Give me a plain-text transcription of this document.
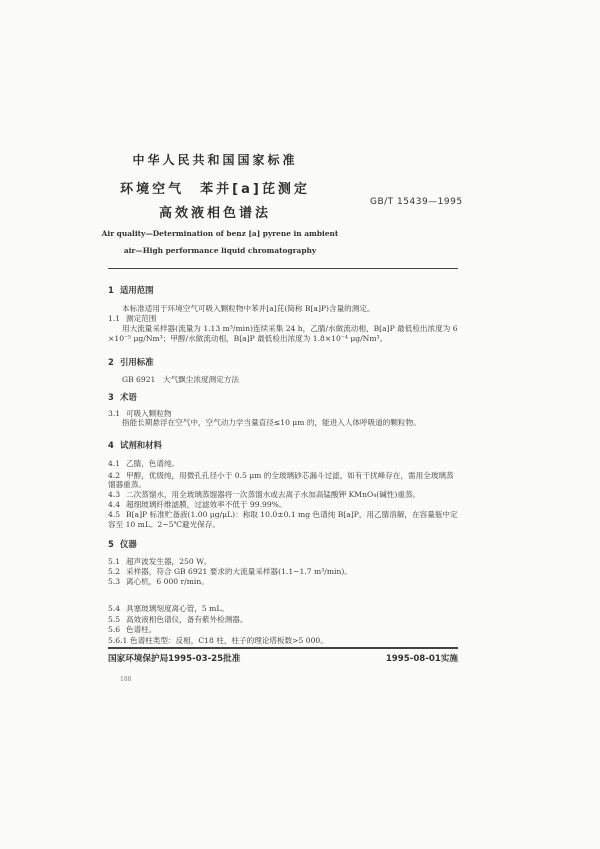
中华人民共和国国家标准
环境空气　苯并[a]芘测定
高效液相色谱法
GB/T 15439—1995
Air quality—Determination of benz [a] pyrene in ambient
air—High performance liquid chromatography
1 适用范围
本标准适用于环境空气可吸入颗粒物中苯并[a]芘(简称 B[a]P)含量的测定。
1.1 测定范围
用大流量采样器(流量为 1.13 m³/min)连续采集 24 h，乙腈/水做流动相，B[a]P 最低检出浓度为 6
×10⁻⁵ μg/Nm³；甲醇/水做流动相，B[a]P 最低检出浓度为 1.8×10⁻⁴ μg/Nm³。
2 引用标准
GB 6921　大气飘尘浓度测定方法
3 术语
3.1 可吸入颗粒物
指能长期悬浮在空气中，空气动力学当量直径≤10 μm 的，能进入人体呼吸道的颗粒物。
4 试剂和材料
4.1 乙腈，色谱纯。
4.2 甲醇，优级纯，用微孔孔径小于 0.5 μm 的全玻璃砂芯漏斗过滤，如有干扰峰存在，需用全玻璃蒸
馏器重蒸。
4.3 二次蒸馏水，用全玻璃蒸馏器将一次蒸馏水或去离子水加高锰酸钾 KMnO₄(碱性)重蒸。
4.4 超细玻璃纤维滤膜，过滤效率不低于 99.99%。
4.5 B[a]P 标准贮备液(1.00 μg/μL)：称取 10.0±0.1 mg 色谱纯 B[a]P，用乙腈溶解，在容量瓶中定
容至 10 mL。2~5℃避光保存。
5 仪器
5.1 超声波发生器，250 W。
5.2 采样器，符合 GB 6921 要求的大流量采样器(1.1~1.7 m³/min)。
5.3 离心机，6 000 r/min。
5.4 具塞玻璃刻度离心管，5 mL。
5.5 高效液相色谱仪，备有紫外检测器。
5.6 色谱柱。
5.6.1 色谱柱类型：反相，C18 柱，柱子的理论塔板数>5 000。
国家环境保护局1995-03-25批准	1995-08-01实施
188
